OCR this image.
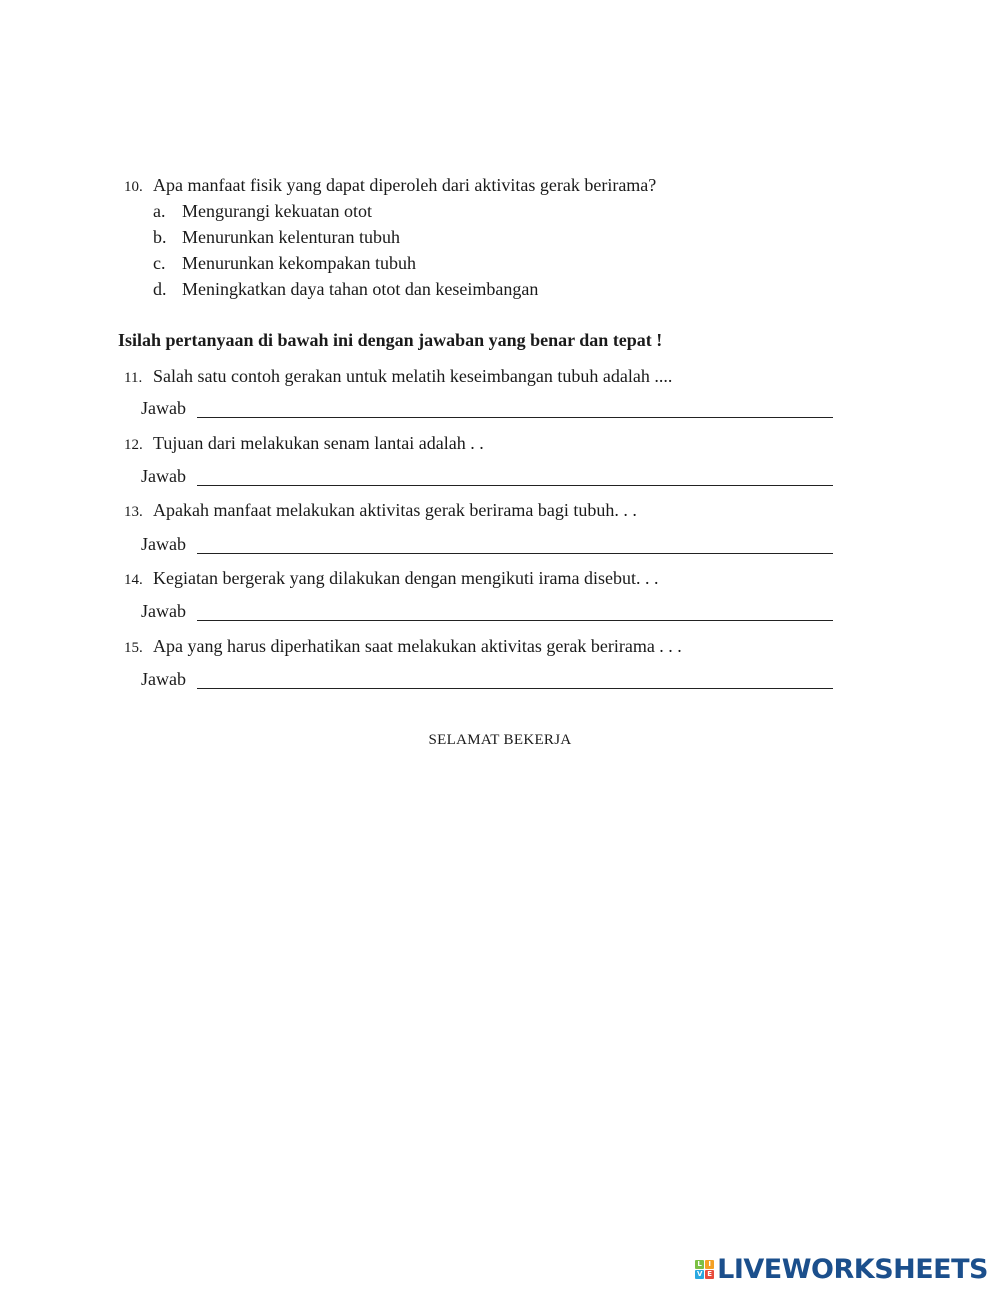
10. Apa manfaat fisik yang dapat diperoleh dari aktivitas gerak berirama?
a. Mengurangi kekuatan otot
b. Menurunkan kelenturan tubuh
c. Menurunkan kekompakan tubuh
d. Meningkatkan daya tahan otot dan keseimbangan
Isilah pertanyaan di bawah ini dengan jawaban yang benar dan tepat !
11. Salah satu contoh gerakan untuk melatih keseimbangan tubuh adalah ....
Jawab
12. Tujuan dari melakukan senam lantai adalah . .
Jawab
13. Apakah manfaat melakukan aktivitas gerak berirama bagi tubuh. . .
Jawab
14. Kegiatan bergerak yang dilakukan dengan mengikuti irama disebut. . .
Jawab
15. Apa yang harus diperhatikan saat melakukan aktivitas gerak berirama . . .
Jawab
SELAMAT BEKERJA
L I
V E LIVEWORKSHEETS
